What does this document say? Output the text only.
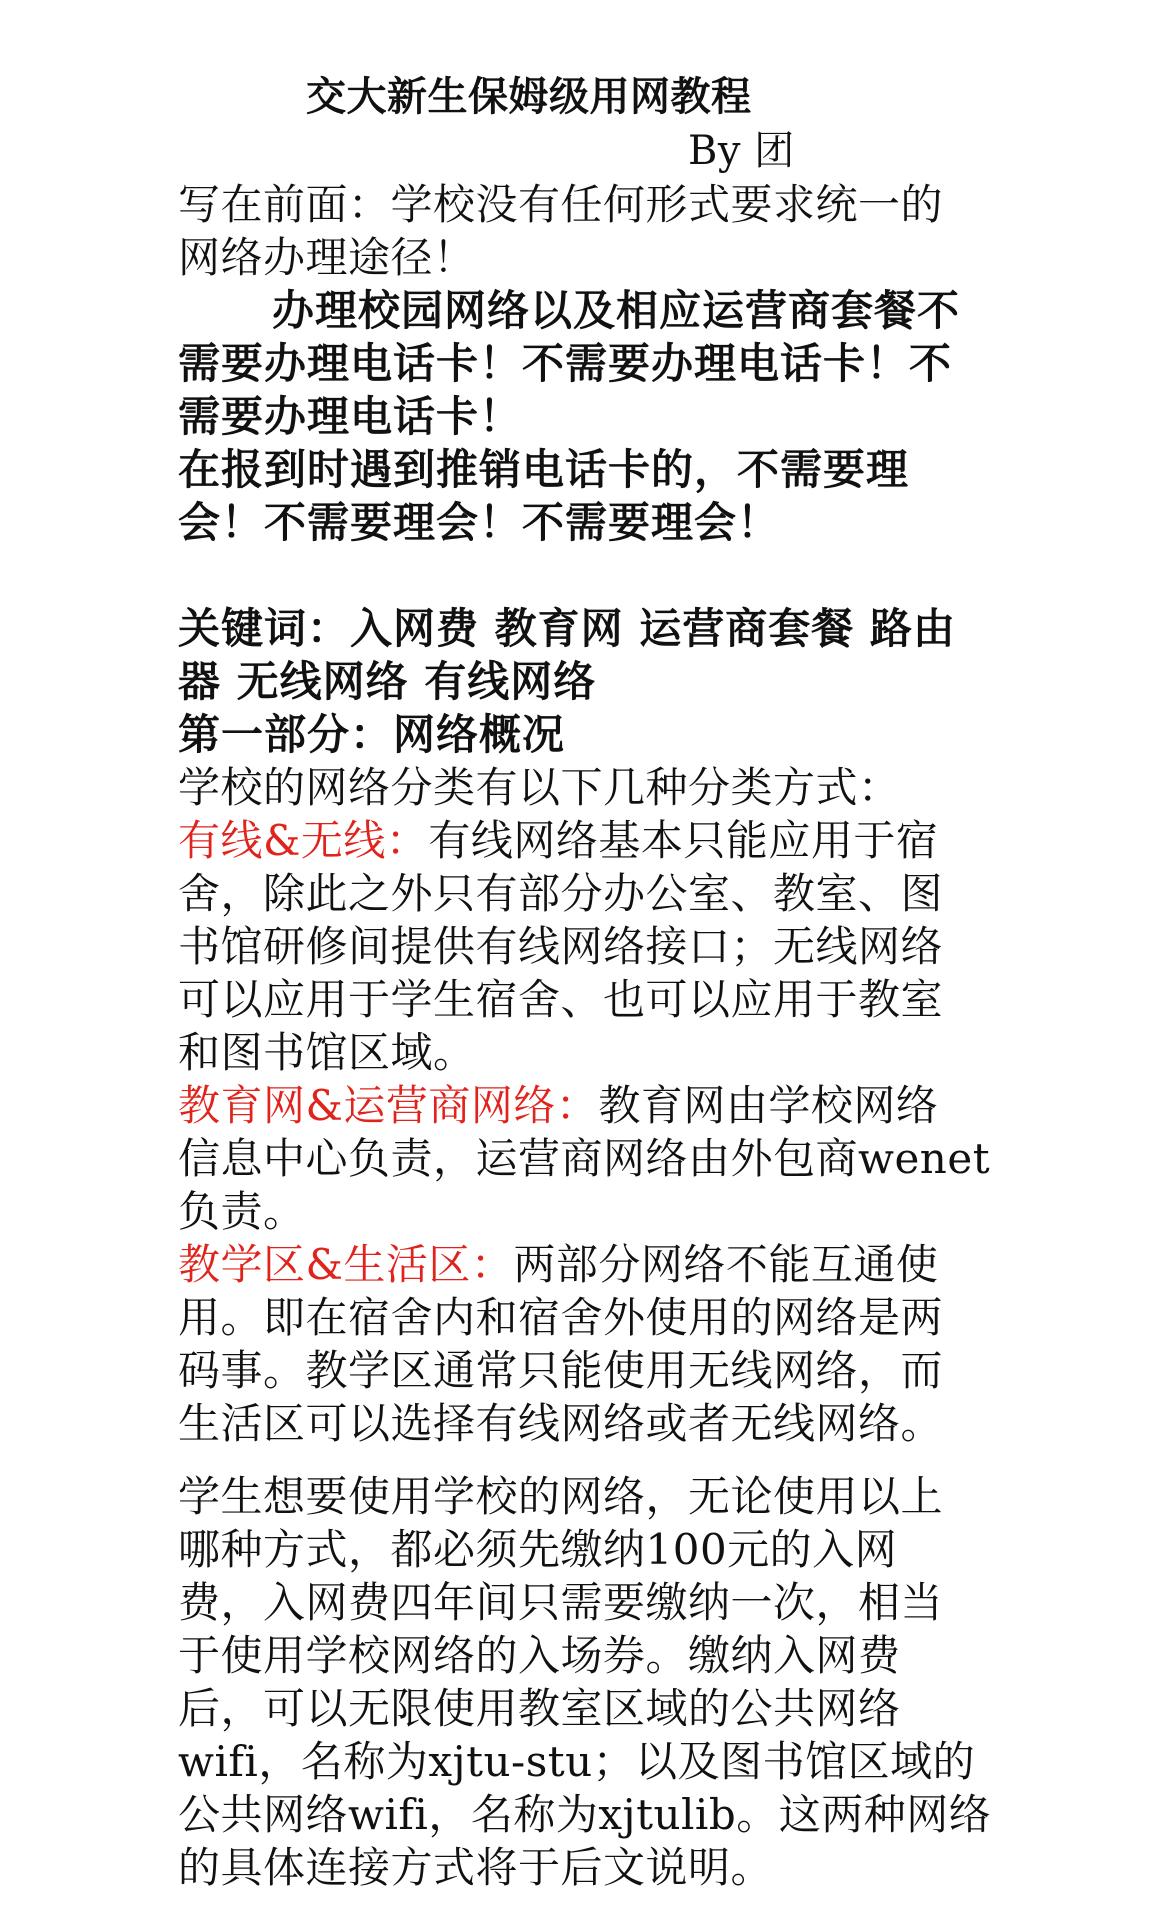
交大新生保姆级用网教程
By 团
写在前面：学校没有任何形式要求统一的
网络办理途径！
办理校园网络以及相应运营商套餐不
需要办理电话卡！不需要办理电话卡！不
需要办理电话卡！
在报到时遇到推销电话卡的，不需要理
会！不需要理会！不需要理会！
关键词：入网费 教育网 运营商套餐 路由
器 无线网络 有线网络
第一部分：网络概况
学校的网络分类有以下几种分类方式：
有线&无线：有线网络基本只能应用于宿
舍，除此之外只有部分办公室、教室、图
书馆研修间提供有线网络接口；无线网络
可以应用于学生宿舍、也可以应用于教室
和图书馆区域。
教育网&运营商网络：教育网由学校网络
信息中心负责，运营商网络由外包商wenet
负责。
教学区&生活区：两部分网络不能互通使
用。即在宿舍内和宿舍外使用的网络是两
码事。教学区通常只能使用无线网络，而
生活区可以选择有线网络或者无线网络。
学生想要使用学校的网络，无论使用以上
哪种方式，都必须先缴纳100元的入网
费，入网费四年间只需要缴纳一次，相当
于使用学校网络的入场券。缴纳入网费
后，可以无限使用教室区域的公共网络
wifi，名称为xjtu-stu；以及图书馆区域的
公共网络wifi，名称为xjtulib。这两种网络
的具体连接方式将于后文说明。
